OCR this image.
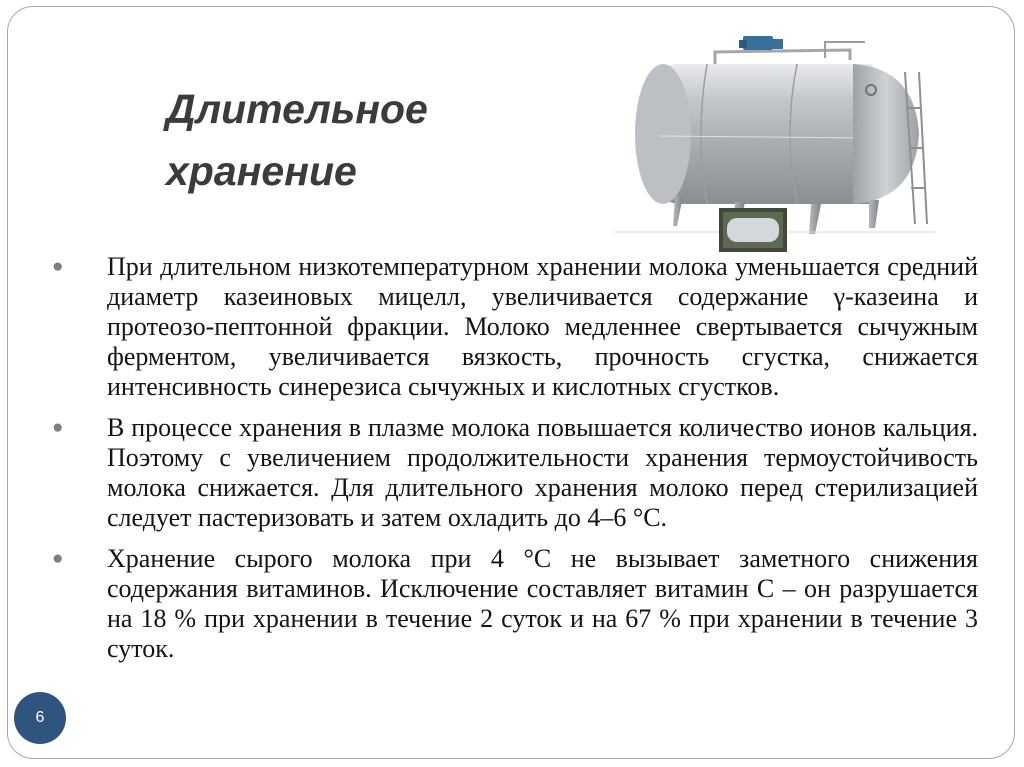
Длительное
хранение

● При длительном низкотемпературном хранении молока уменьшается средний диаметр казеиновых мицелл, увеличивается содержание γ-казеина и протеозо-пептонной фракции. Молоко медленнее свертывается сычужным ферментом, увеличивается вязкость, прочность сгустка, снижается интенсивность синерезиса сычужных и кислотных сгустков.

● В процессе хранения в плазме молока повышается количество ионов кальция. Поэтому с увеличением продолжительности хранения термоустойчивость молока снижается. Для длительного хранения молоко перед стерилизацией следует пастеризовать и затем охладить до 4–6 °С.

● Хранение сырого молока при 4 °С не вызывает заметного снижения содержания витаминов. Исключение составляет витамин С – он разрушается на 18 % при хранении в течение 2 суток и на 67 % при хранении в течение 3 суток.

6
